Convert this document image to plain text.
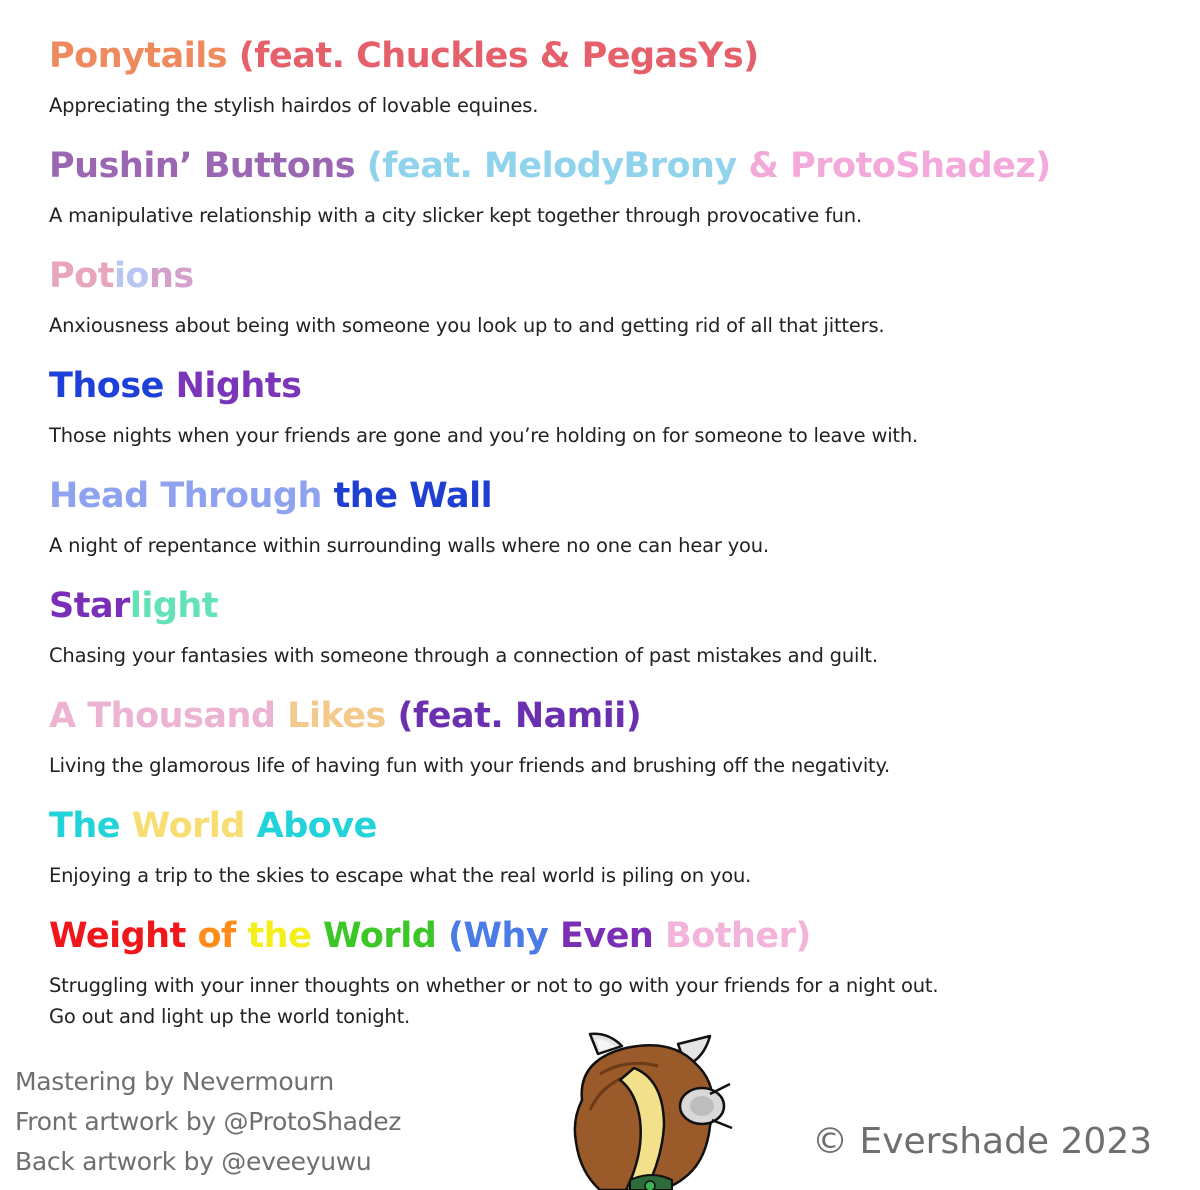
Ponytails (feat. Chuckles & PegasYs)
Appreciating the stylish hairdos of lovable equines.
Pushin’ Buttons (feat. MelodyBrony & ProtoShadez)
A manipulative relationship with a city slicker kept together through provocative fun.
Potions
Anxiousness about being with someone you look up to and getting rid of all that jitters.
Those Nights
Those nights when your friends are gone and you’re holding on for someone to leave with.
Head Through the Wall
A night of repentance within surrounding walls where no one can hear you.
Starlight
Chasing your fantasies with someone through a connection of past mistakes and guilt.
A Thousand Likes (feat. Namii)
Living the glamorous life of having fun with your friends and brushing off the negativity.
The World Above
Enjoying a trip to the skies to escape what the real world is piling on you.
Weight of the World (Why Even Bother)
Struggling with your inner thoughts on whether or not to go with your friends for a night out.
Go out and light up the world tonight.
Mastering by Nevermourn
Front artwork by @ProtoShadez
Back artwork by @eveeyuwu	© Evershade 2023
